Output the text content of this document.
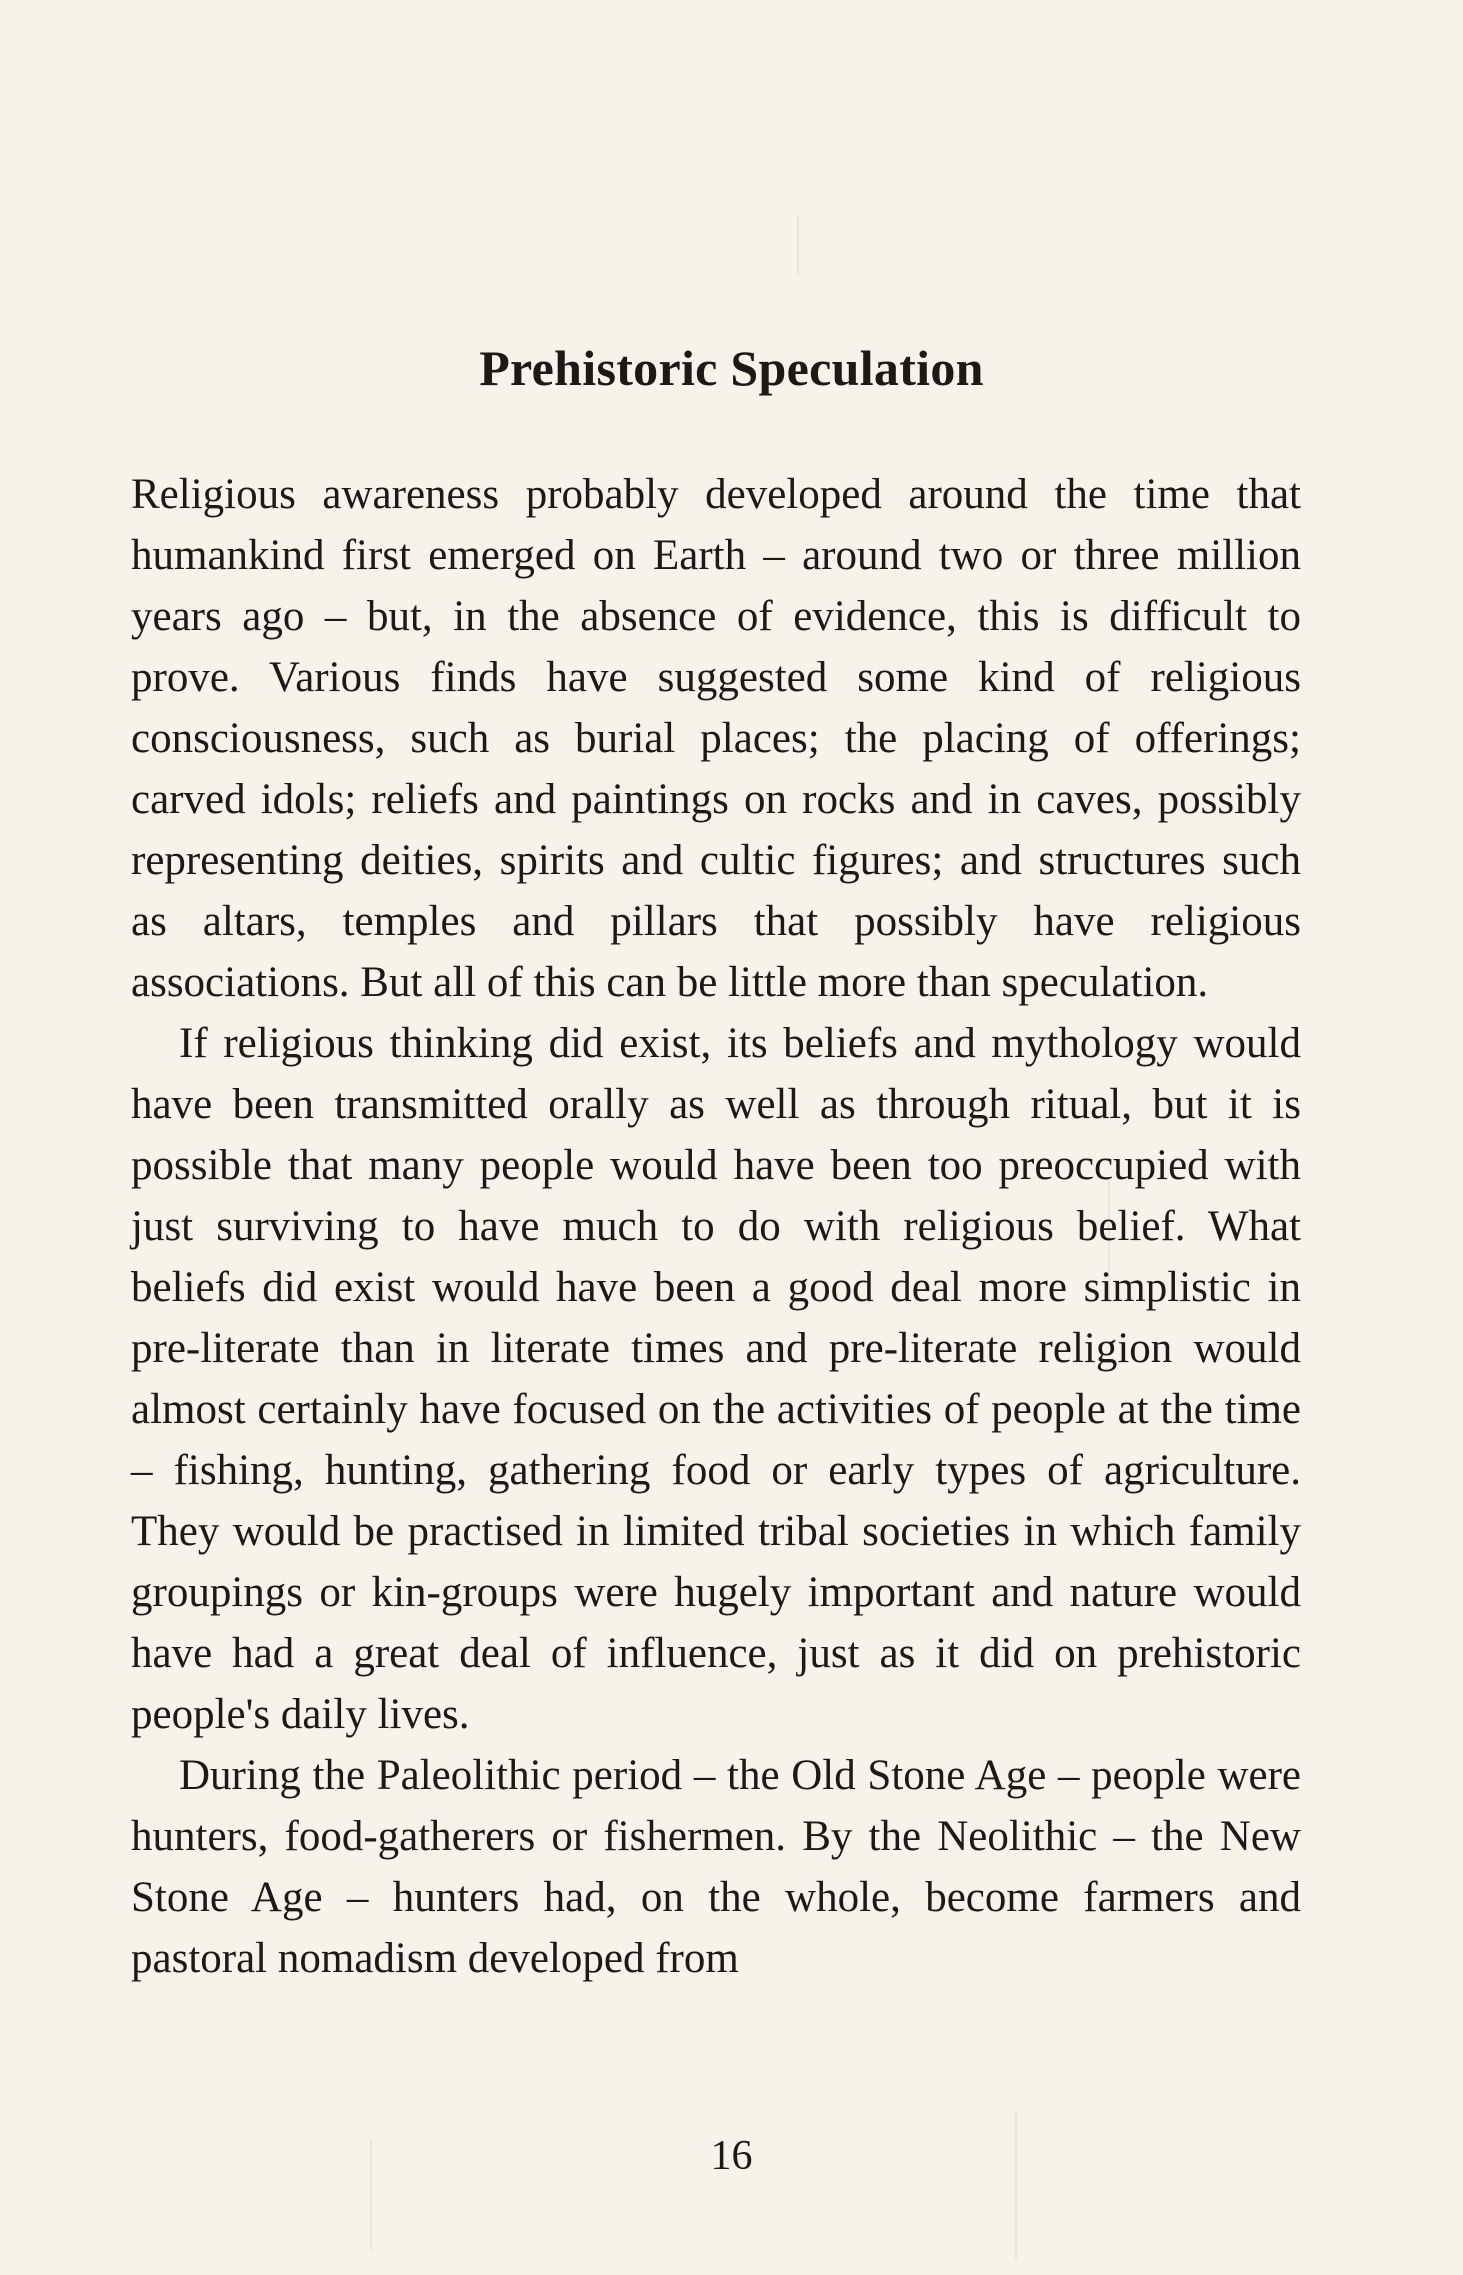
Prehistoric Speculation

Religious awareness probably developed around the time that humankind first emerged on Earth – around two or three million years ago – but, in the absence of evidence, this is difficult to prove. Various finds have suggested some kind of religious consciousness, such as burial places; the placing of offerings; carved idols; reliefs and paintings on rocks and in caves, possibly representing deities, spirits and cultic figures; and structures such as altars, temples and pillars that possibly have religious associations. But all of this can be little more than speculation.

If religious thinking did exist, its beliefs and mythology would have been transmitted orally as well as through ritual, but it is possible that many people would have been too preoccupied with just surviving to have much to do with religious belief. What beliefs did exist would have been a good deal more simplistic in pre-literate than in literate times and pre-literate religion would almost certainly have focused on the activities of people at the time – fishing, hunting, gathering food or early types of agriculture. They would be practised in limited tribal societies in which family groupings or kin-groups were hugely important and nature would have had a great deal of influence, just as it did on prehistoric people's daily lives.

During the Paleolithic period – the Old Stone Age – people were hunters, food-gatherers or fishermen. By the Neolithic – the New Stone Age – hunters had, on the whole, become farmers and pastoral nomadism developed from

16
